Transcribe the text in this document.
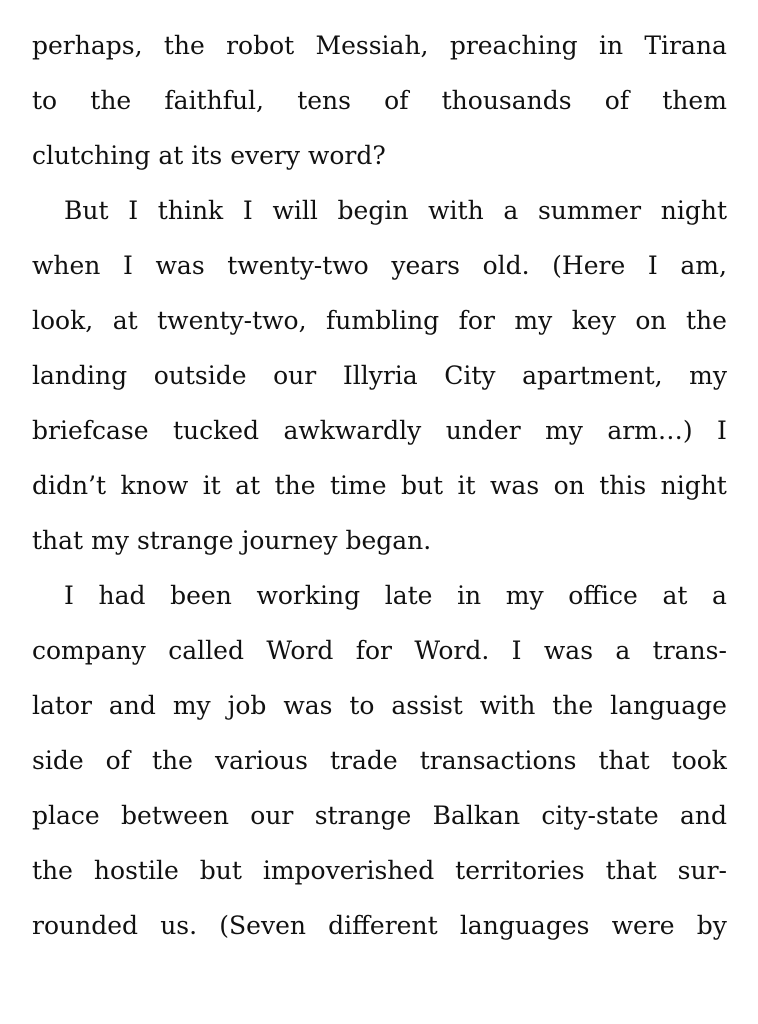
perhaps, the robot Messiah, preaching in Tirana
to the faithful, tens of thousands of them
clutching at its every word?
But I think I will begin with a summer night
when I was twenty-two years old. (Here I am,
look, at twenty-two, fumbling for my key on the
landing outside our Illyria City apartment, my
briefcase tucked awkwardly under my arm…) I
didn’t know it at the time but it was on this night
that my strange journey began.
I had been working late in my office at a
company called Word for Word. I was a trans-
lator and my job was to assist with the language
side of the various trade transactions that took
place between our strange Balkan city-state and
the hostile but impoverished territories that sur-
rounded us. (Seven different languages were by
